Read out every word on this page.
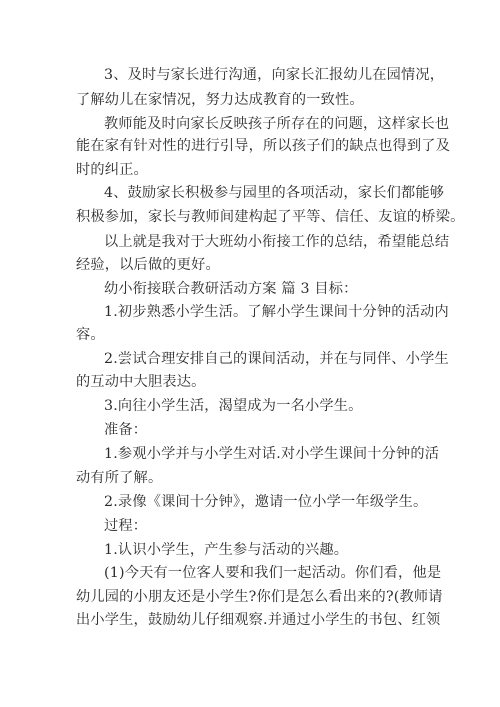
3、及时与家长进行沟通，向家长汇报幼儿在园情况，
了解幼儿在家情况，努力达成教育的一致性。
教师能及时向家长反映孩子所存在的问题，这样家长也
能在家有针对性的进行引导，所以孩子们的缺点也得到了及
时的纠正。
4、鼓励家长积极参与园里的各项活动，家长们都能够
积极参加，家长与教师间建构起了平等、信任、友谊的桥梁。
以上就是我对于大班幼小衔接工作的总结，希望能总结
经验，以后做的更好。
幼小衔接联合教研活动方案 篇 3 目标：
1.初步熟悉小学生活。了解小学生课间十分钟的活动内
容。
2.尝试合理安排自己的课间活动，并在与同伴、小学生
的互动中大胆表达。
3.向往小学生活，渴望成为一名小学生。
准备：
1.参观小学并与小学生对话.对小学生课间十分钟的活
动有所了解。
2.录像《课间十分钟》，邀请一位小学一年级学生。
过程：
1.认识小学生，产生参与活动的兴趣。
(1)今天有一位客人要和我们一起活动。你们看，他是
幼儿园的小朋友还是小学生?你们是怎么看出来的?(教师请
出小学生，鼓励幼儿仔细观察.并通过小学生的书包、红领
